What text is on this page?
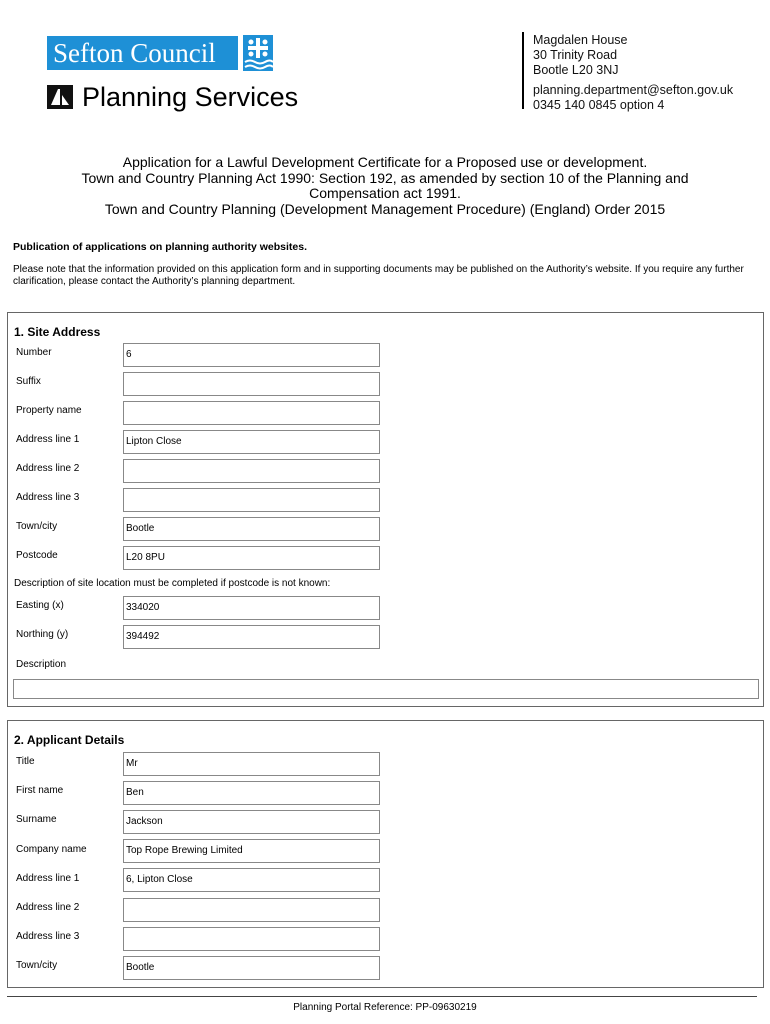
Sefton Council
Planning Services
Magdalen House
30 Trinity Road
Bootle L20 3NJ
planning.department@sefton.gov.uk
0345 140 0845 option 4
Application for a Lawful Development Certificate for a Proposed use or development.
Town and Country Planning Act 1990: Section 192, as amended by section 10 of the Planning and
Compensation act 1991.
Town and Country Planning (Development Management Procedure) (England) Order 2015
Publication of applications on planning authority websites.
Please note that the information provided on this application form and in supporting documents may be published on the Authority’s website. If you require any further clarification, please contact the Authority’s planning department.
1. Site Address
Number	6
Suffix
Property name
Address line 1	Lipton Close
Address line 2
Address line 3
Town/city	Bootle
Postcode	L20 8PU
Description of site location must be completed if postcode is not known:
Easting (x)	334020
Northing (y)	394492
Description
2. Applicant Details
Title	Mr
First name	Ben
Surname	Jackson
Company name	Top Rope Brewing Limited
Address line 1	6, Lipton Close
Address line 2
Address line 3
Town/city	Bootle
Planning Portal Reference: PP-09630219
